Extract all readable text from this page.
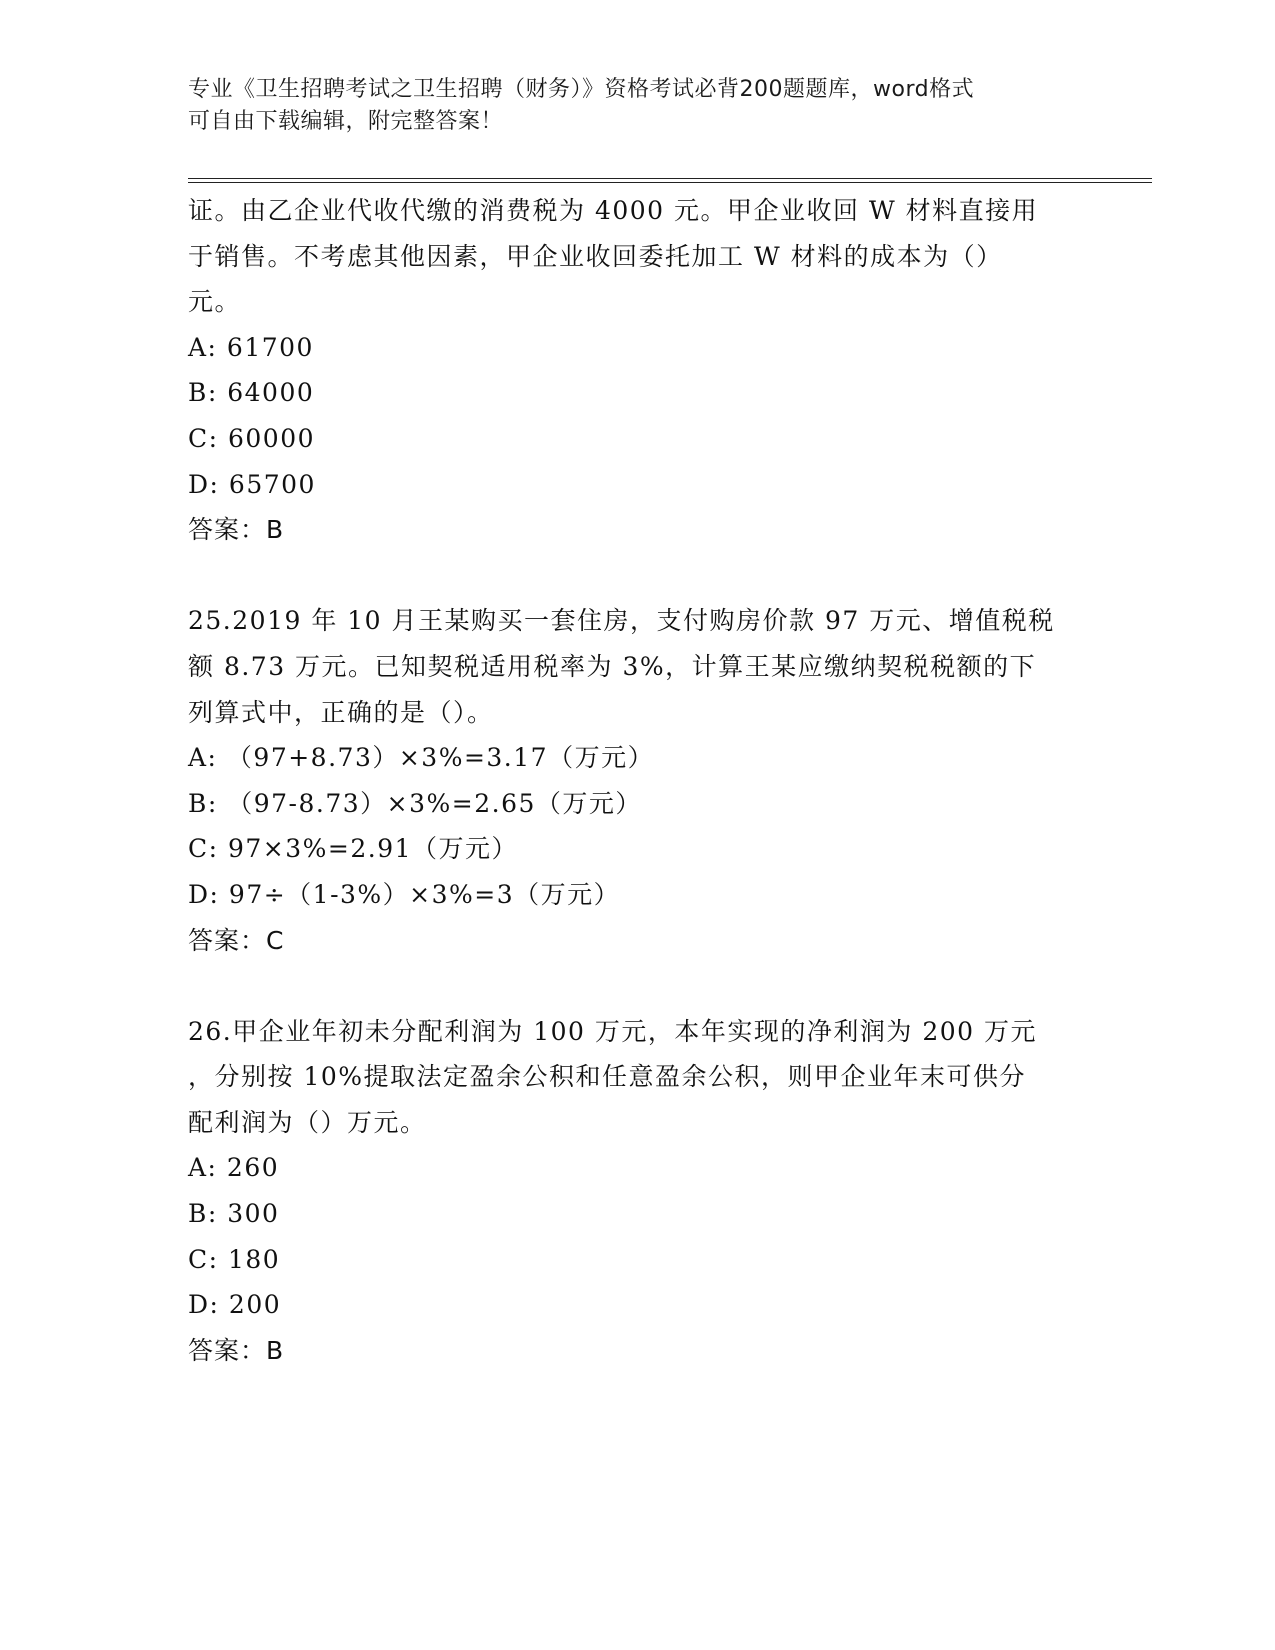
专业《卫生招聘考试之卫生招聘（财务）》资格考试必背200题题库，word格式
可自由下载编辑，附完整答案！
证。由乙企业代收代缴的消费税为 4000 元。甲企业收回 W 材料直接用
于销售。不考虑其他因素，甲企业收回委托加工 W 材料的成本为（）
元。
A: 61700
B: 64000
C: 60000
D: 65700
答案：B
25.2019 年 10 月王某购买一套住房，支付购房价款 97 万元、增值税税
额 8.73 万元。已知契税适用税率为 3%，计算王某应缴纳契税税额的下
列算式中，正确的是（）。
A: （97+8.73）×3%=3.17（万元）
B: （97-8.73）×3%=2.65（万元）
C: 97×3%=2.91（万元）
D: 97÷（1-3%）×3%=3（万元）
答案：C
26.甲企业年初未分配利润为 100 万元，本年实现的净利润为 200 万元
，分别按 10%提取法定盈余公积和任意盈余公积，则甲企业年末可供分
配利润为（）万元。
A: 260
B: 300
C: 180
D: 200
答案：B
